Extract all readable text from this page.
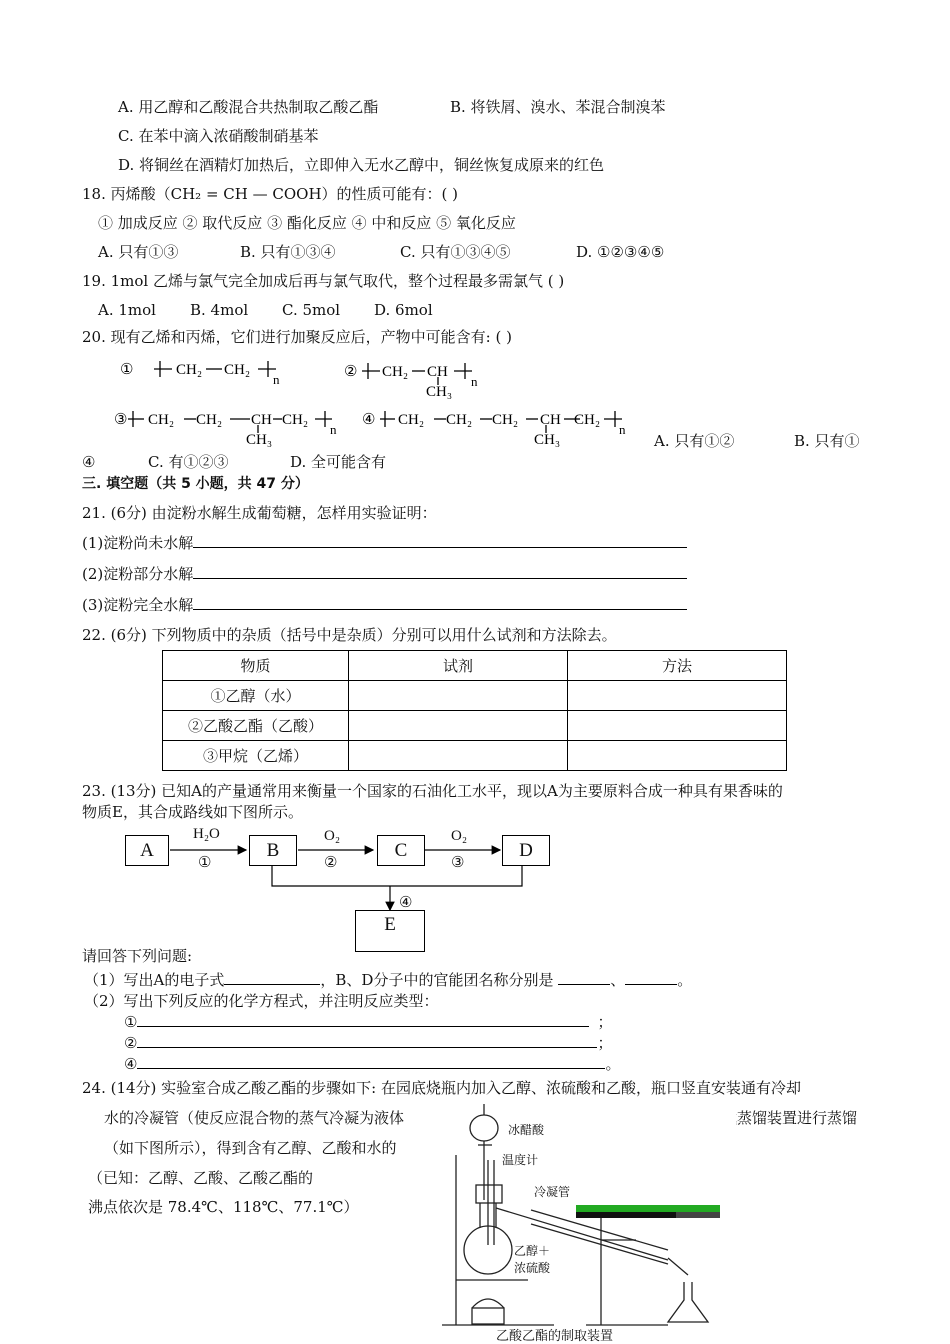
A. 用乙醇和乙酸混合共热制取乙酸乙酯	B. 将铁屑、溴水、苯混合制溴苯
C. 在苯中滴入浓硝酸制硝基苯
D. 将铜丝在酒精灯加热后，立即伸入无水乙醇中，铜丝恢复成原来的红色
18. 丙烯酸（CH₂ = CH — COOH）的性质可能有：( )
① 加成反应 ② 取代反应 ③ 酯化反应 ④ 中和反应 ⑤ 氧化反应
A. 只有①③	B. 只有①③④	C. 只有①③④⑤	D. ①②③④⑤
19. 1mol 乙烯与氯气完全加成后再与氯气取代，整个过程最多需氯气 ( )
A. 1mol B. 4mol C. 5mol D. 6mol
20. 现有乙烯和丙烯，它们进行加聚反应后，产物中可能含有: ( )
①	CH₂ CH₂
n	② CH₂ CH
CH₃
n
③ CH₂ CH₂ CH
CH₃
CH₂
n
④ CH₂ CH₂ CH₂ CH
CH₃
CH₂
n
A. 只有①②	B. 只有①
④	C. 有①②③	D. 全可能含有
三. 填空题（共 5 小题，共 47 分）
21. (6分) 由淀粉水解生成葡萄糖，怎样用实验证明：
(1)淀粉尚未水解
(2)淀粉部分水解
(3)淀粉完全水解
22. (6分) 下列物质中的杂质（括号中是杂质）分别可以用什么试剂和方法除去。
物质	试剂	方法
①乙醇（水）		
②乙酸乙酯（乙酸）		
③甲烷（乙烯）		
23. (13分) 已知A的产量通常用来衡量一个国家的石油化工水平，现以A为主要原料合成一种具有果香味的
物质E，其合成路线如下图所示。
A	B	C	D
E
H₂O
①
O₂
②
O₂
③
④
请回答下列问题:
（1）写出A的电子式	，B、D分子中的官能团名称分别是	、	。
（2）写出下列反应的化学方程式，并注明反应类型：
①	；
②	；
④	。
24. (14分) 实验室合成乙酸乙酯的步骤如下: 在园底烧瓶内加入乙醇、浓硫酸和乙酸，瓶口竖直安装通有冷却
水的冷凝管（使反应混合物的蒸气冷凝为液体	戏蒸馏装置进行蒸馏
（如下图所示），得到含有乙醇、乙酸和水的
（已知：乙醇、乙酸、乙酸乙酯的
沸点依次是 78.4℃、118℃、77.1℃）
冰醋酸
温度计
冷凝管
乙醇＋
浓硫酸
乙酸乙酯的制取装置
